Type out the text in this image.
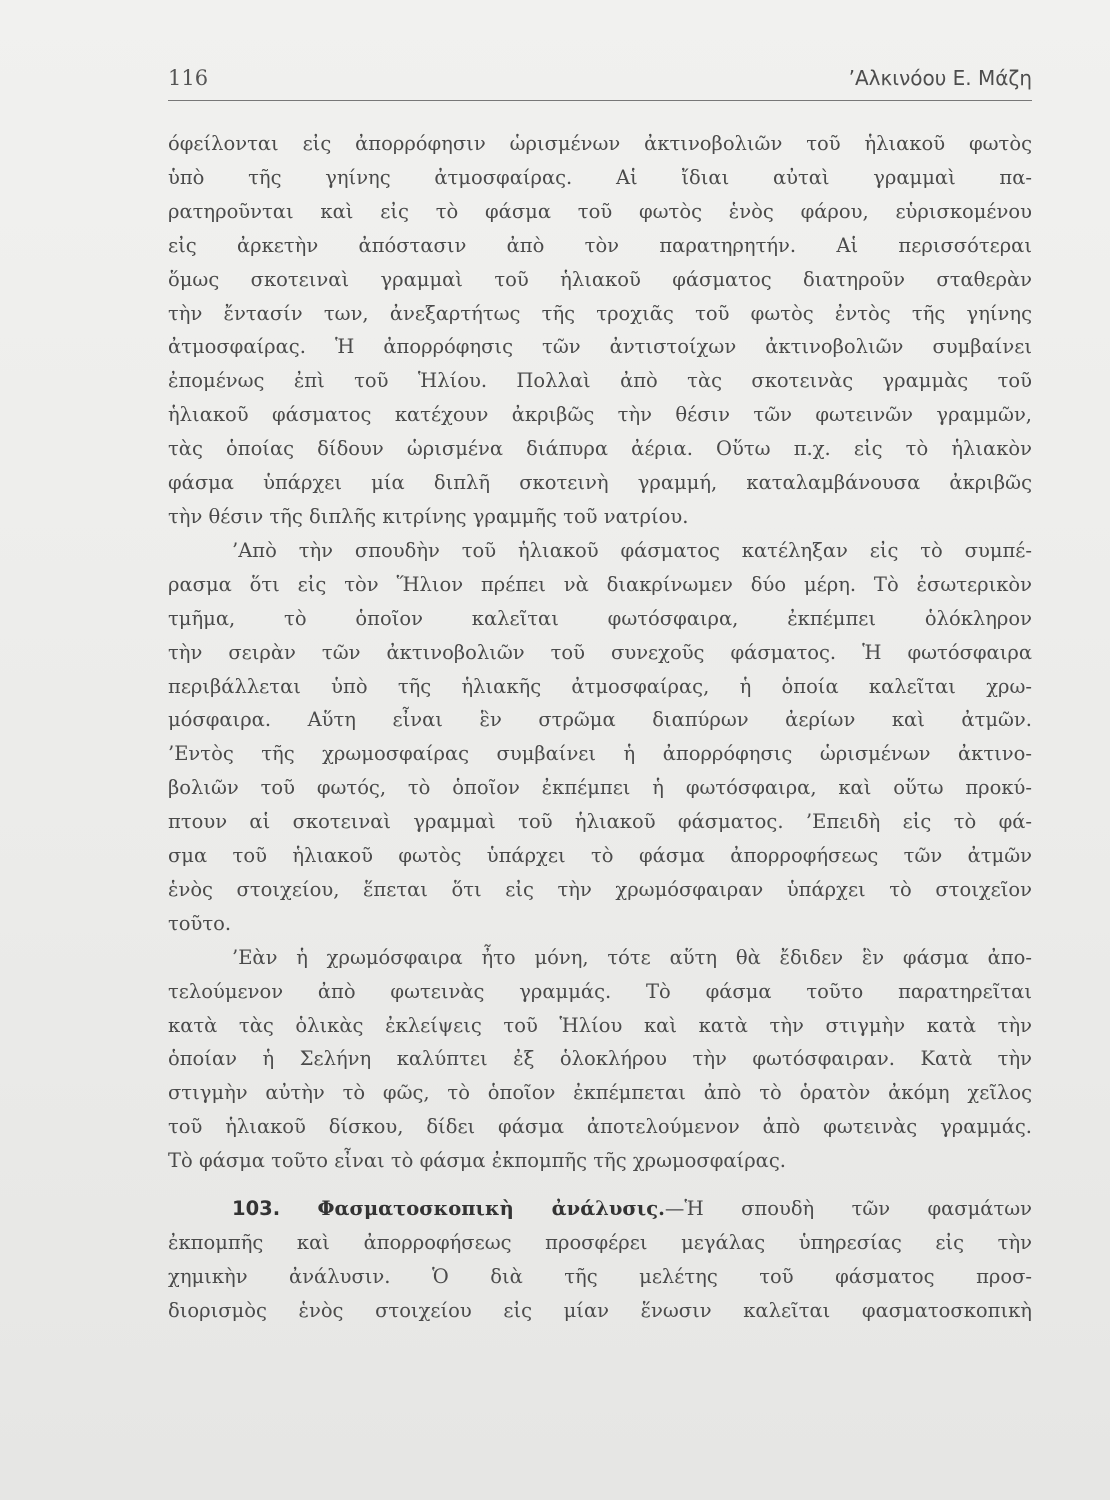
116	’Αλκινόου Ε. Μάζη

όφείλονται εἰς ἀπορρόφησιν ὡρισμένων ἀκτινοβολιῶν τοῦ ἡλιακοῦ φωτὸς
ὑπὸ τῆς γηίνης ἀτμοσφαίρας. Αἱ ἴδιαι αὐταὶ γραμμαὶ πα-
ρατηροῦνται καὶ εἰς τὸ φάσμα τοῦ φωτὸς ἑνὸς φάρου, εὑρισκομένου
εἰς ἀρκετὴν ἀπόστασιν ἀπὸ τὸν παρατηρητήν. Αἱ περισσότεραι
ὅμως σκοτειναὶ γραμμαὶ τοῦ ἡλιακοῦ φάσματος διατηροῦν σταθερὰν
τὴν ἔντασίν των, ἀνεξαρτήτως τῆς τροχιᾶς τοῦ φωτὸς ἐντὸς τῆς γηίνης
ἀτμοσφαίρας. Ἡ ἀπορρόφησις τῶν ἀντιστοίχων ἀκτινοβολιῶν συμβαίνει
ἐπομένως ἐπὶ τοῦ Ἡλίου. Πολλαὶ ἀπὸ τὰς σκοτεινὰς γραμμὰς τοῦ
ἡλιακοῦ φάσματος κατέχουν ἀκριβῶς τὴν θέσιν τῶν φωτεινῶν γραμμῶν,
τὰς ὁποίας δίδουν ὡρισμένα διάπυρα ἀέρια. Οὕτω π.χ. εἰς τὸ ἡλιακὸν
φάσμα ὑπάρχει μία διπλῆ σκοτεινὴ γραμμή, καταλαμβάνουσα ἀκριβῶς
τὴν θέσιν τῆς διπλῆς κιτρίνης γραμμῆς τοῦ νατρίου.

’Απὸ τὴν σπουδὴν τοῦ ἡλιακοῦ φάσματος κατέληξαν εἰς τὸ συμπέ-
ρασμα ὅτι εἰς τὸν Ἥλιον πρέπει νὰ διακρίνωμεν δύο μέρη. Τὸ ἐσωτερικὸν
τμῆμα, τὸ ὁποῖον καλεῖται φωτόσφαιρα, ἐκπέμπει ὁλόκληρον
τὴν σειρὰν τῶν ἀκτινοβολιῶν τοῦ συνεχοῦς φάσματος. Ἡ φωτόσφαιρα
περιβάλλεται ὑπὸ τῆς ἡλιακῆς ἀτμοσφαίρας, ἡ ὁποία καλεῖται χρω-
μόσφαιρα. Αὕτη εἶναι ἓν στρῶμα διαπύρων ἀερίων καὶ ἀτμῶν.
’Εντὸς τῆς χρωμοσφαίρας συμβαίνει ἡ ἀπορρόφησις ὡρισμένων ἀκτινο-
βολιῶν τοῦ φωτός, τὸ ὁποῖον ἐκπέμπει ἡ φωτόσφαιρα, καὶ οὕτω προκύ-
πτουν αἱ σκοτειναὶ γραμμαὶ τοῦ ἡλιακοῦ φάσματος. ’Επειδὴ εἰς τὸ φά-
σμα τοῦ ἡλιακοῦ φωτὸς ὑπάρχει τὸ φάσμα ἀπορροφήσεως τῶν ἀτμῶν
ἑνὸς στοιχείου, ἕπεται ὅτι εἰς τὴν χρωμόσφαιραν ὑπάρχει τὸ στοιχεῖον
τοῦτο.

’Εὰν ἡ χρωμόσφαιρα ἦτο μόνη, τότε αὕτη θὰ ἔδιδεν ἓν φάσμα ἀπο-
τελούμενον ἀπὸ φωτεινὰς γραμμάς. Τὸ φάσμα τοῦτο παρατηρεῖται
κατὰ τὰς ὁλικὰς ἐκλείψεις τοῦ Ἡλίου καὶ κατὰ τὴν στιγμὴν κατὰ τὴν
ὁποίαν ἡ Σελήνη καλύπτει ἐξ ὁλοκλήρου τὴν φωτόσφαιραν. Κατὰ τὴν
στιγμὴν αὐτὴν τὸ φῶς, τὸ ὁποῖον ἐκπέμπεται ἀπὸ τὸ ὁρατὸν ἀκόμη χεῖλος
τοῦ ἡλιακοῦ δίσκου, δίδει φάσμα ἀποτελούμενον ἀπὸ φωτεινὰς γραμμάς.
Τὸ φάσμα τοῦτο εἶναι τὸ φάσμα ἐκπομπῆς τῆς χρωμοσφαίρας.

103. Φασματοσκοπικὴ ἀνάλυσις.—Ἡ σπουδὴ τῶν φασμάτων
ἐκπομπῆς καὶ ἀπορροφήσεως προσφέρει μεγάλας ὑπηρεσίας εἰς τὴν
χημικὴν ἀνάλυσιν. Ὁ διὰ τῆς μελέτης τοῦ φάσματος προσ-
διορισμὸς ἑνὸς στοιχείου εἰς μίαν ἕνωσιν καλεῖται φασματοσκοπικὴ
